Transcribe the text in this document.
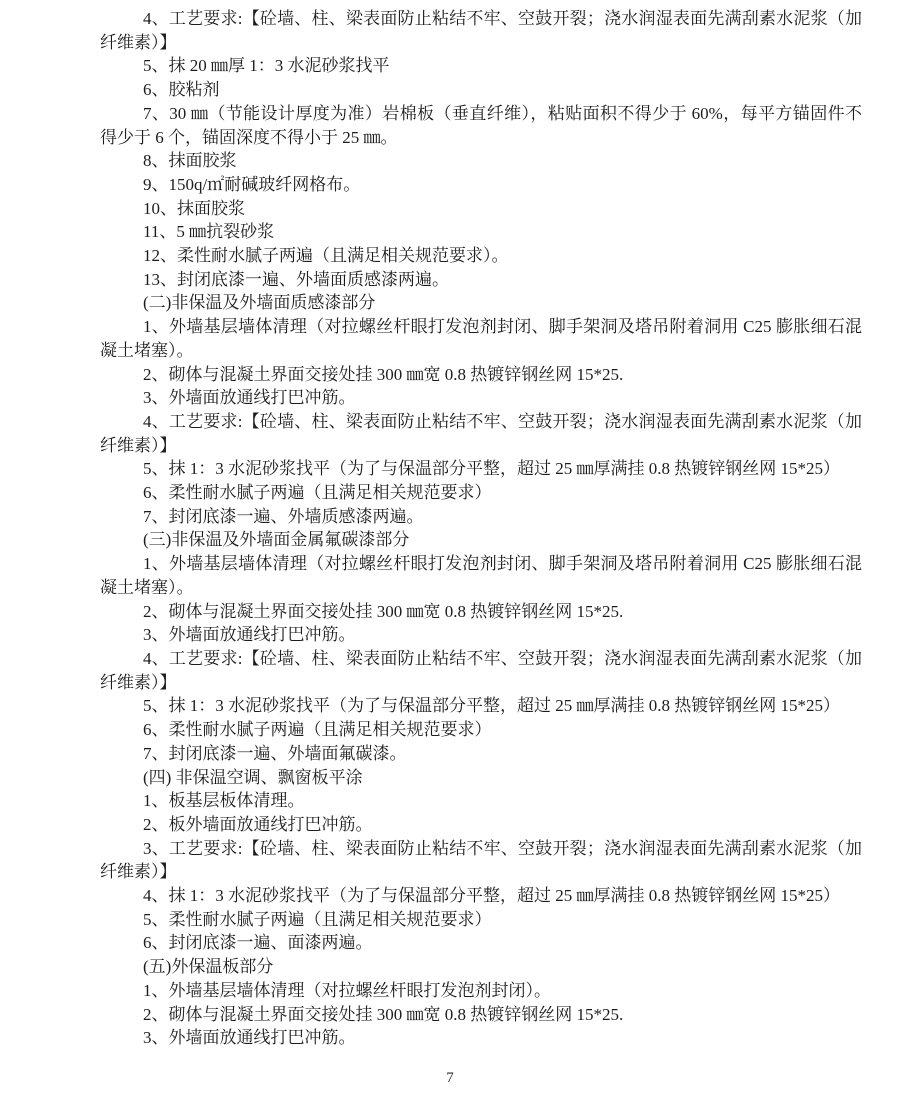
4、工艺要求:【砼墙、柱、梁表面防止粘结不牢、空鼓开裂；浇水润湿表面先满刮素水泥浆（加纤维素）】

5、抹 20 ㎜厚 1：3 水泥砂浆找平

6、胶粘剂

7、30 ㎜（节能设计厚度为准）岩棉板（垂直纤维），粘贴面积不得少于 60%，每平方锚固件不得少于 6 个，锚固深度不得小于 25 ㎜。

8、抹面胶浆

9、150q/㎡耐碱玻纤网格布。

10、抹面胶浆

11、5 ㎜抗裂砂浆

12、柔性耐水腻子两遍（且满足相关规范要求）。

13、封闭底漆一遍、外墙面质感漆两遍。

(二)非保温及外墙面质感漆部分

1、外墙基层墙体清理（对拉螺丝杆眼打发泡剂封闭、脚手架洞及塔吊附着洞用 C25 膨胀细石混凝土堵塞）。

2、砌体与混凝土界面交接处挂 300 ㎜宽 0.8 热镀锌钢丝网 15*25.

3、外墙面放通线打巴冲筋。

4、工艺要求:【砼墙、柱、梁表面防止粘结不牢、空鼓开裂；浇水润湿表面先满刮素水泥浆（加纤维素）】

5、抹 1：3 水泥砂浆找平（为了与保温部分平整，超过 25 ㎜厚满挂 0.8 热镀锌钢丝网 15*25）

6、柔性耐水腻子两遍（且满足相关规范要求）

7、封闭底漆一遍、外墙质感漆两遍。

(三)非保温及外墙面金属氟碳漆部分

1、外墙基层墙体清理（对拉螺丝杆眼打发泡剂封闭、脚手架洞及塔吊附着洞用 C25 膨胀细石混凝土堵塞）。

2、砌体与混凝土界面交接处挂 300 ㎜宽 0.8 热镀锌钢丝网 15*25.

3、外墙面放通线打巴冲筋。

4、工艺要求:【砼墙、柱、梁表面防止粘结不牢、空鼓开裂；浇水润湿表面先满刮素水泥浆（加纤维素）】

5、抹 1：3 水泥砂浆找平（为了与保温部分平整，超过 25 ㎜厚满挂 0.8 热镀锌钢丝网 15*25）

6、柔性耐水腻子两遍（且满足相关规范要求）

7、封闭底漆一遍、外墙面氟碳漆。

(四) 非保温空调、飘窗板平涂

1、板基层板体清理。

2、板外墙面放通线打巴冲筋。

3、工艺要求:【砼墙、柱、梁表面防止粘结不牢、空鼓开裂；浇水润湿表面先满刮素水泥浆（加纤维素）】

4、抹 1：3 水泥砂浆找平（为了与保温部分平整，超过 25 ㎜厚满挂 0.8 热镀锌钢丝网 15*25）

5、柔性耐水腻子两遍（且满足相关规范要求）

6、封闭底漆一遍、面漆两遍。

(五)外保温板部分

1、外墙基层墙体清理（对拉螺丝杆眼打发泡剂封闭）。

2、砌体与混凝土界面交接处挂 300 ㎜宽 0.8 热镀锌钢丝网 15*25.

3、外墙面放通线打巴冲筋。

7
